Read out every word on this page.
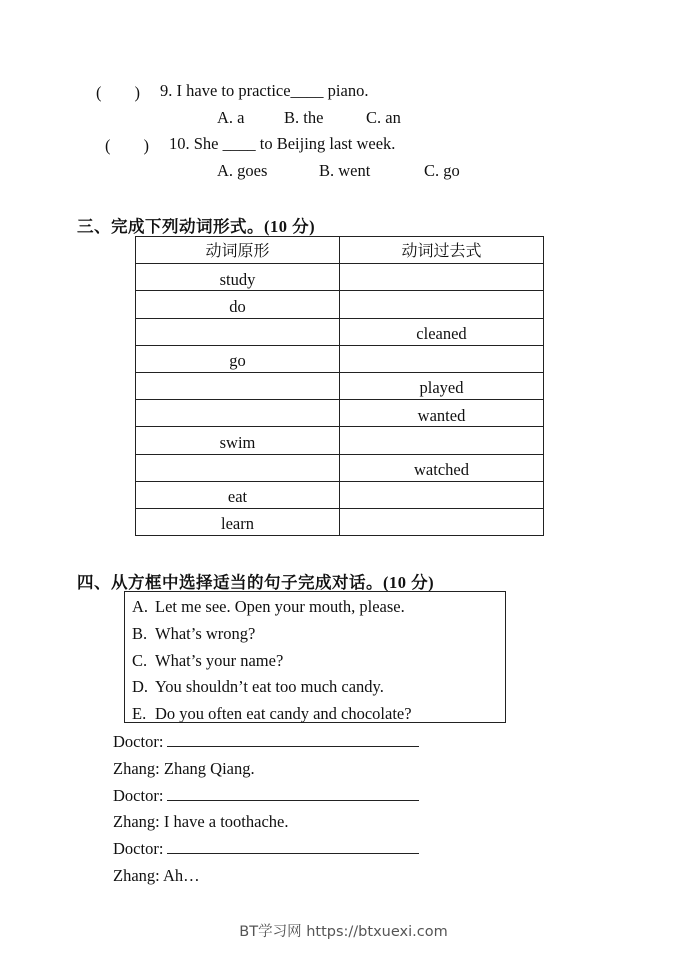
(        ) 9. I have to practice____ piano.
A. a B. the	C. an
(        ) 10. She ____ to Beijing last week.
A. goes	B. went	C. go
三、完成下列动词形式。(10 分)
动词原形	动词过去式
study	
do	
	cleaned
go	
	played
	wanted
swim	
	watched
eat	
learn	
四、从方框中选择适当的句子完成对话。(10 分)
A. Let me see. Open your mouth, please.
B. What’s wrong?
C. What’s your name?
D. You shouldn’t eat too much candy.
E. Do you often eat candy and chocolate?
Doctor:
Zhang: Zhang Qiang.
Doctor:
Zhang: I have a toothache.
Doctor:
Zhang: Ah…
BT学习网 https://btxuexi.com
